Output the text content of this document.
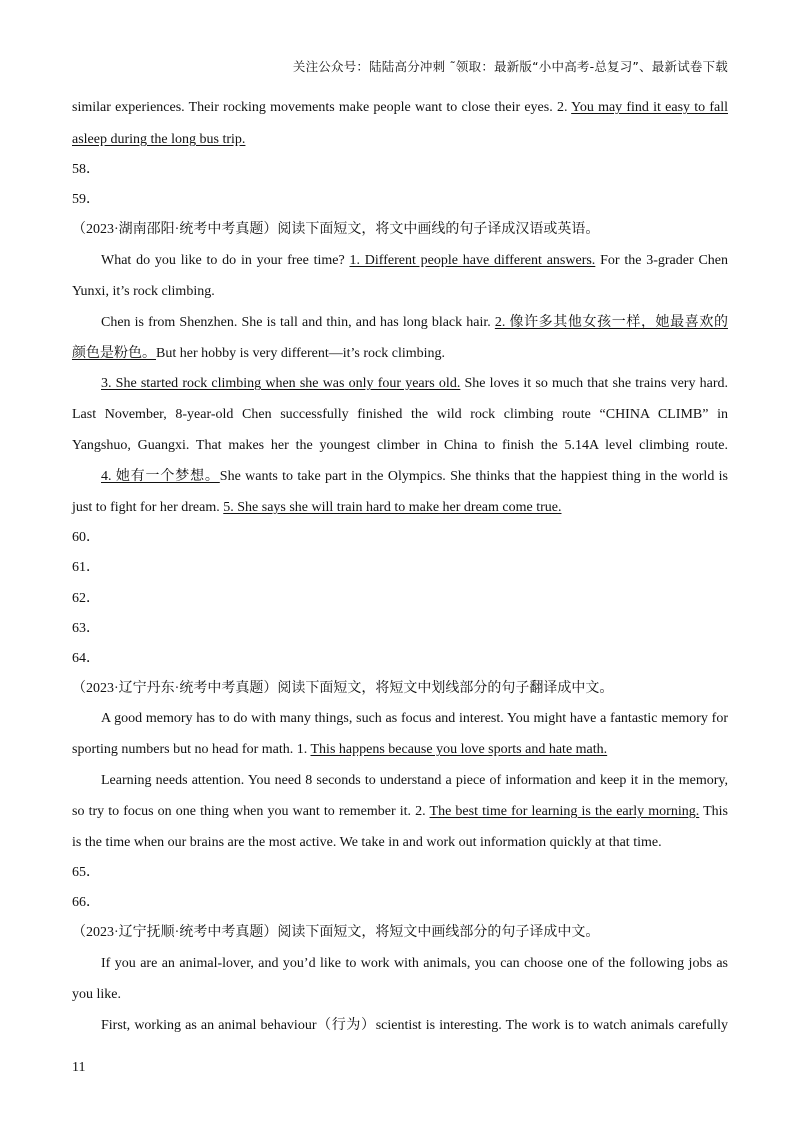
关注公众号：陆陆高分冲刺 ˜领取：最新版“小中高考-总复习”、最新试卷下载
similar experiences. Their rocking movements make people want to close their eyes. 2. You may find it easy to fall
asleep during the long bus trip.
58．
59．
（2023·湖南邵阳·统考中考真题）阅读下面短文，将文中画线的句子译成汉语或英语。
What do you like to do in your free time? 1. Different people have different answers. For the 3-grader Chen
Yunxi, it’s rock climbing.
Chen is from Shenzhen. She is tall and thin, and has long black hair. 2. 像许多其他女孩一样，她最喜欢的
颜色是粉色。But her hobby is very different—it’s rock climbing.
3. She started rock climbing when she was only four years old. She loves it so much that she trains very hard.
Last November, 8-year-old Chen successfully finished the wild rock climbing route “CHINA CLIMB” in
Yangshuo, Guangxi. That makes her the youngest climber in China to finish the 5.14A level climbing route.
4. 她有一个梦想。She wants to take part in the Olympics. She thinks that the happiest thing in the world is
just to fight for her dream. 5. She says she will train hard to make her dream come true.
60．
61．
62．
63．
64．
（2023·辽宁丹东·统考中考真题）阅读下面短文，将短文中划线部分的句子翻译成中文。
A good memory has to do with many things, such as focus and interest. You might have a fantastic memory for
sporting numbers but no head for math. 1. This happens because you love sports and hate math.
Learning needs attention. You need 8 seconds to understand a piece of information and keep it in the memory,
so try to focus on one thing when you want to remember it. 2. The best time for learning is the early morning. This
is the time when our brains are the most active. We take in and work out information quickly at that time.
65．
66．
（2023·辽宁抚顺·统考中考真题）阅读下面短文，将短文中画线部分的句子译成中文。
If you are an animal-lover, and you’d like to work with animals, you can choose one of the following jobs as
you like.
First, working as an animal behaviour（行为）scientist is interesting. The work is to watch animals carefully
11
